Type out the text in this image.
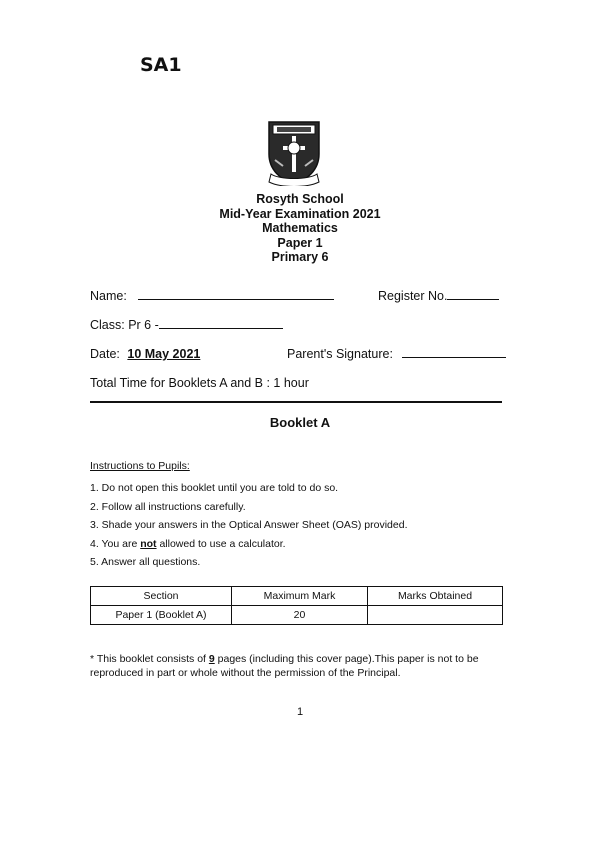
SA1
Rosyth School
Mid-Year Examination 2021
Mathematics
Paper 1
Primary 6
Name:	Register No.
Class: Pr 6 -
Date: 10 May 2021	Parent's Signature:
Total Time for Booklets A and B : 1 hour
Booklet A
Instructions to Pupils:
1. Do not open this booklet until you are told to do so.
2. Follow all instructions carefully.
3. Shade your answers in the Optical Answer Sheet (OAS) provided.
4. You are not allowed to use a calculator.
5. Answer all questions.
Section	Maximum Mark	Marks Obtained
Paper 1 (Booklet A)	20	
* This booklet consists of 9 pages (including this cover page).This paper is not to be reproduced in part or whole without the permission of the Principal.
1
